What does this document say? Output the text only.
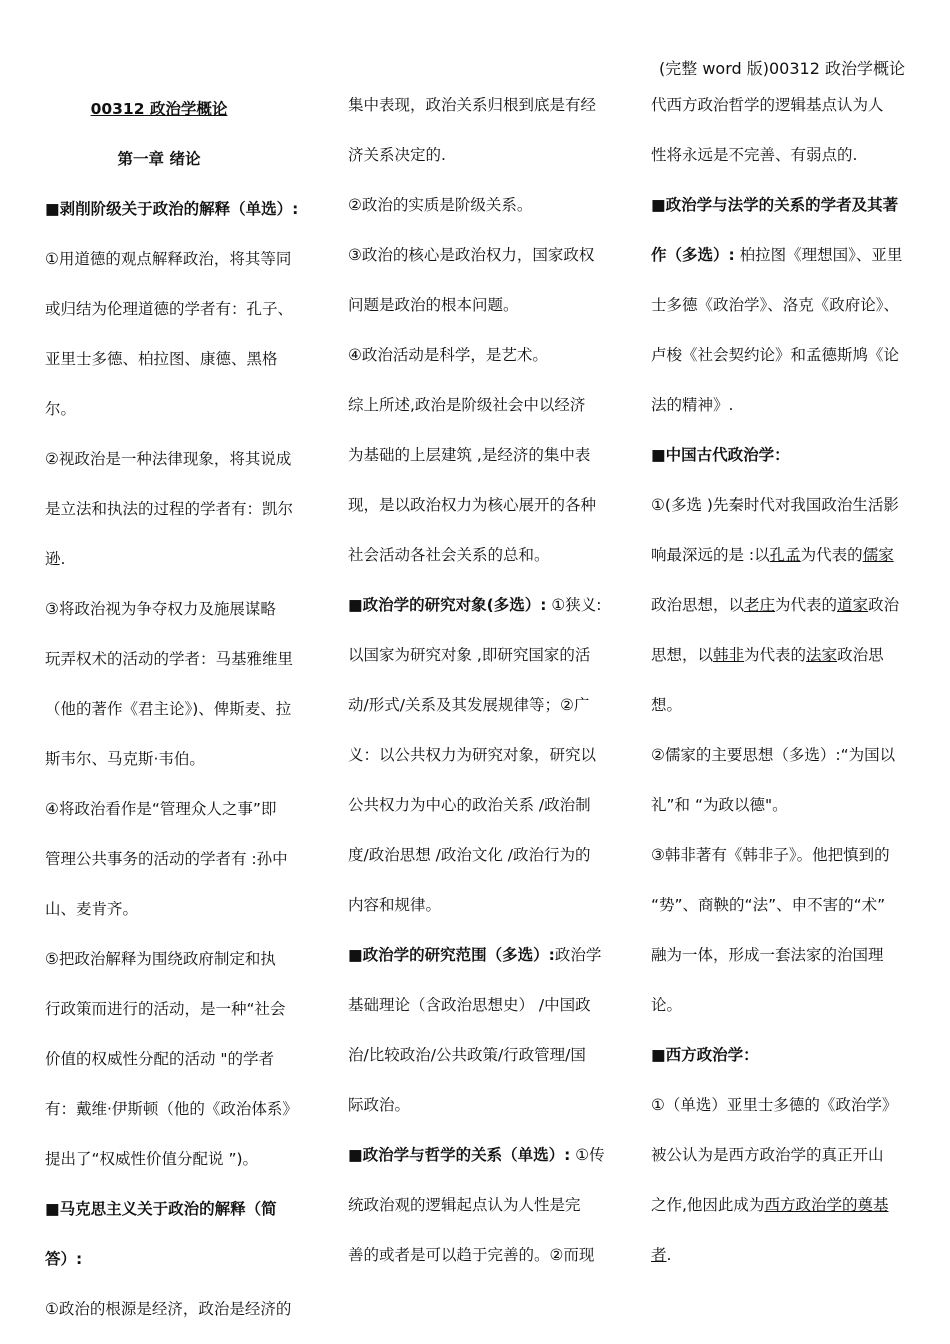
(完整 word 版)00312 政治学概论

00312 政治学概论

第一章 绪论

■剥削阶级关于政治的解释（单选）:

①用道德的观点解释政治，将其等同

或归结为伦理道德的学者有：孔子、

亚里士多德、柏拉图、康德、黑格尔。

②视政治是一种法律现象，将其说成

是立法和执法的过程的学者有：凯尔

逊.

③将政治视为争夺权力及施展谋略

玩弄权术的活动的学者：马基雅维里

（他的著作《君主论》)、俾斯麦、拉

斯韦尔、马克斯·韦伯。

④将政治看作是“管理众人之事”即

管理公共事务的活动的学者有 :孙中

山、麦肯齐。

⑤把政治解释为围绕政府制定和执

行政策而进行的活动，是一种“社会

价值的权威性分配的活动 "的学者

有：戴维·伊斯顿（他的《政治体系》

提出了“权威性价值分配说 ”)。

■马克思主义关于政治的解释（简

答）:

①政治的根源是经济，政治是经济的

集中表现，政治关系归根到底是有经

济关系决定的.

②政治的实质是阶级关系。

③政治的核心是政治权力，国家政权

问题是政治的根本问题。

④政治活动是科学，是艺术。

综上所述,政治是阶级社会中以经济

为基础的上层建筑 ,是经济的集中表

现，是以政治权力为核心展开的各种

社会活动各社会关系的总和。

■政治学的研究对象(多选）: ①狭义:

以国家为研究对象 ,即研究国家的活

动/形式/关系及其发展规律等；②广

义：以公共权力为研究对象，研究以

公共权力为中心的政治关系 /政治制

度/政治思想 /政治文化 /政治行为的

内容和规律。

■政治学的研究范围（多选）:政治学

基础理论（含政治思想史） /中国政

治/比较政治/公共政策/行政管理/国

际政治。

■政治学与哲学的关系（单选）: ①传

统政治观的逻辑起点认为人性是完

善的或者是可以趋于完善的。②而现

代西方政治哲学的逻辑基点认为人

性将永远是不完善、有弱点的.

■政治学与法学的关系的学者及其著

作（多选）: 柏拉图《理想国》、亚里

士多德《政治学》、洛克《政府论》、

卢梭《社会契约论》和孟德斯鸠《论

法的精神》.

■中国古代政治学：

①(多选 )先秦时代对我国政治生活影

响最深远的是 :以孔孟为代表的儒家

政治思想，以老庄为代表的道家政治

思想，以韩非为代表的法家政治思

想。

②儒家的主要思想（多选）:“为国以

礼”和 “为政以德"。

③韩非著有《韩非子》。他把慎到的

“势”、商鞅的“法”、申不害的“术”

融为一体，形成一套法家的治国理

论。

■西方政治学：

①（单选）亚里士多德的《政治学》

被公认为是西方政治学的真正开山

之作,他因此成为西方政治学的奠基

者.
